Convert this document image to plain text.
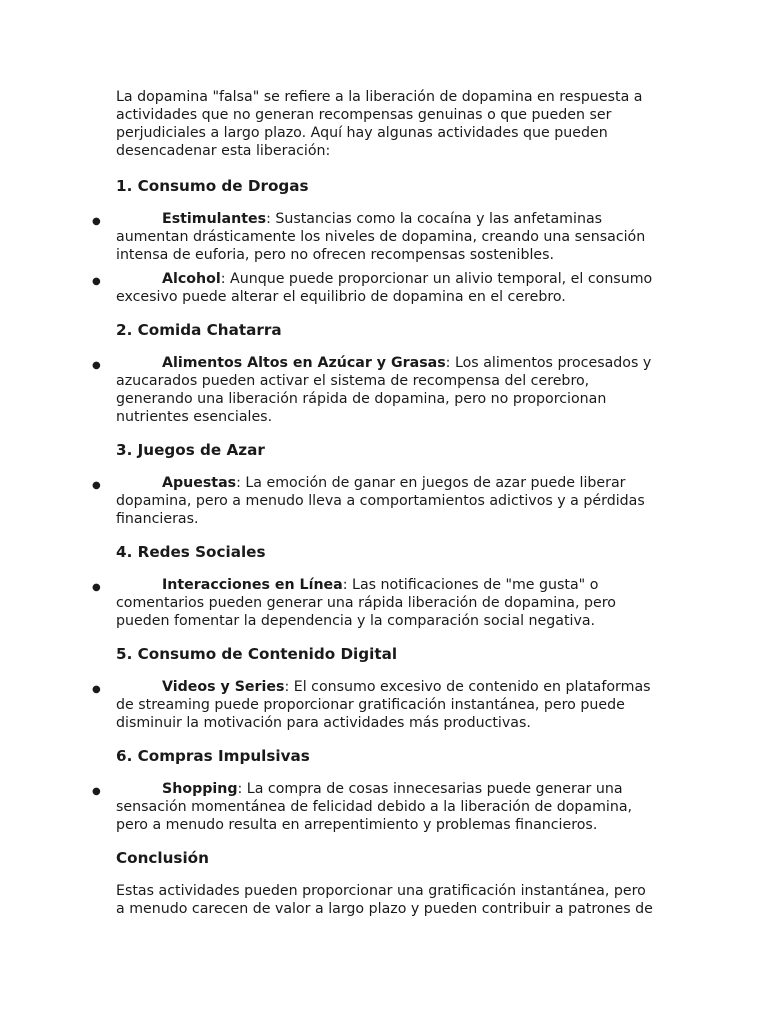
La dopamina "falsa" se refiere a la liberación de dopamina en respuesta a actividades que no generan recompensas genuinas o que pueden ser perjudiciales a largo plazo. Aquí hay algunas actividades que pueden desencadenar esta liberación:

1. Consumo de Drogas
●	Estimulantes: Sustancias como la cocaína y las anfetaminas aumentan drásticamente los niveles de dopamina, creando una sensación intensa de euforia, pero no ofrecen recompensas sostenibles.
●	Alcohol: Aunque puede proporcionar un alivio temporal, el consumo excesivo puede alterar el equilibrio de dopamina en el cerebro.
2. Comida Chatarra
●	Alimentos Altos en Azúcar y Grasas: Los alimentos procesados y azucarados pueden activar el sistema de recompensa del cerebro, generando una liberación rápida de dopamina, pero no proporcionan nutrientes esenciales.
3. Juegos de Azar
●	Apuestas: La emoción de ganar en juegos de azar puede liberar dopamina, pero a menudo lleva a comportamientos adictivos y a pérdidas financieras.
4. Redes Sociales
●	Interacciones en Línea: Las notificaciones de "me gusta" o comentarios pueden generar una rápida liberación de dopamina, pero pueden fomentar la dependencia y la comparación social negativa.
5. Consumo de Contenido Digital
●	Videos y Series: El consumo excesivo de contenido en plataformas de streaming puede proporcionar gratificación instantánea, pero puede disminuir la motivación para actividades más productivas.
6. Compras Impulsivas
●	Shopping: La compra de cosas innecesarias puede generar una sensación momentánea de felicidad debido a la liberación de dopamina, pero a menudo resulta en arrepentimiento y problemas financieros.
Conclusión

Estas actividades pueden proporcionar una gratificación instantánea, pero a menudo carecen de valor a largo plazo y pueden contribuir a patrones de
